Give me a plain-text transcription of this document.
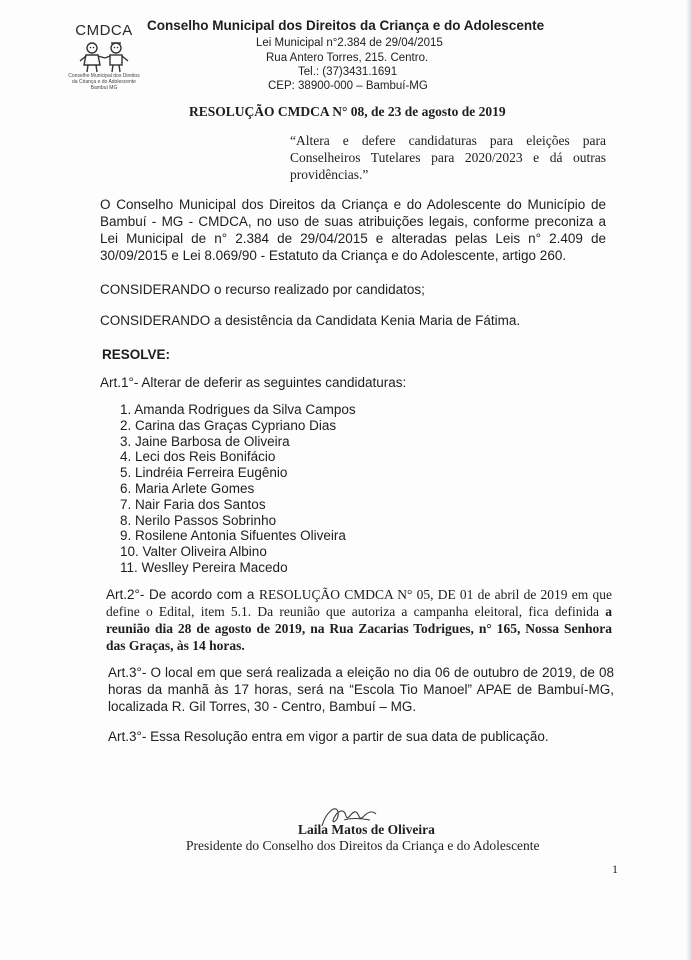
CMDCA
Conselho Municipal dos Direitos
da Criança e do Adolescente
Bambuí MG
Conselho Municipal dos Direitos da Criança e do Adolescente
Lei Municipal n°2.384 de 29/04/2015
Rua Antero Torres, 215. Centro.
Tel.: (37)3431.1691
CEP: 38900-000 – Bambuí-MG
RESOLUÇÃO CMDCA N° 08, de 23 de agosto de 2019
“Altera e defere candidaturas para eleições para Conselheiros Tutelares para 2020/2023 e dá outras providências.”
O Conselho Municipal dos Direitos da Criança e do Adolescente do Município de Bambuí - MG - CMDCA, no uso de suas atribuições legais, conforme preconiza a Lei Municipal de n° 2.384 de 29/04/2015 e alteradas pelas Leis n° 2.409 de 30/09/2015 e Lei 8.069/90 - Estatuto da Criança e do Adolescente, artigo 260.
CONSIDERANDO o recurso realizado por candidatos;
CONSIDERANDO a desistência da Candidata Kenia Maria de Fátima.
RESOLVE:
Art.1°- Alterar de deferir as seguintes candidaturas:
1. Amanda Rodrigues da Silva Campos
2. Carina das Graças Cypriano Dias
3. Jaine Barbosa de Oliveira
4. Leci dos Reis Bonifácio
5. Lindréia Ferreira Eugênio
6. Maria Arlete Gomes
7. Nair Faria dos Santos
8. Nerilo Passos Sobrinho
9. Rosilene Antonia Sifuentes Oliveira
10. Valter Oliveira Albino
11. Weslley Pereira Macedo
Art.2°- De acordo com a RESOLUÇÃO CMDCA N° 05, DE 01 de abril de 2019 em que define o Edital, item 5.1. Da reunião que autoriza a campanha eleitoral, fica definida a reunião dia 28 de agosto de 2019, na Rua Zacarias Todrigues, n° 165, Nossa Senhora das Graças, às 14 horas.
Art.3°- O local em que será realizada a eleição no dia 06 de outubro de 2019, de 08 horas da manhã às 17 horas, será na “Escola Tio Manoel” APAE de Bambuí-MG, localizada R. Gil Torres, 30 - Centro, Bambuí – MG.
Art.3°- Essa Resolução entra em vigor a partir de sua data de publicação.
Laila Matos de Oliveira
Presidente do Conselho dos Direitos da Criança e do Adolescente
1
